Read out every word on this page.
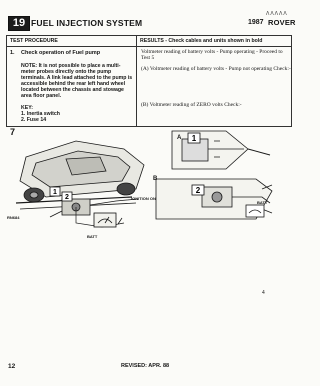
19 FUEL INJECTION SYSTEM	1987
ΛΛΛΛΛ
ROVER
TEST PROCEDURE	RESULTS - Check cables and units shown in bold
1. Check operation of Fuel pump
NOTE: It is not possible to place a multi-meter probes directly onto the pump terminals. A link lead attached to the pump is accessible behind the rear left hand wheel located between the chassis and stowage area floor panel.
KEY:
1. Inertia switch
2. Fuse 14
Voltmeter reading of battery volts - Pump operating - Proceed to Test 5
(A) Voltmeter reading of battery volts - Pump not operating Check:-
(B) Voltmeter reading of ZERO volts Check:-
1
2
7
RN684
BATT
IGNITION ON
1
2
A
B
BATT
4
12	REVISED: APR. 88
